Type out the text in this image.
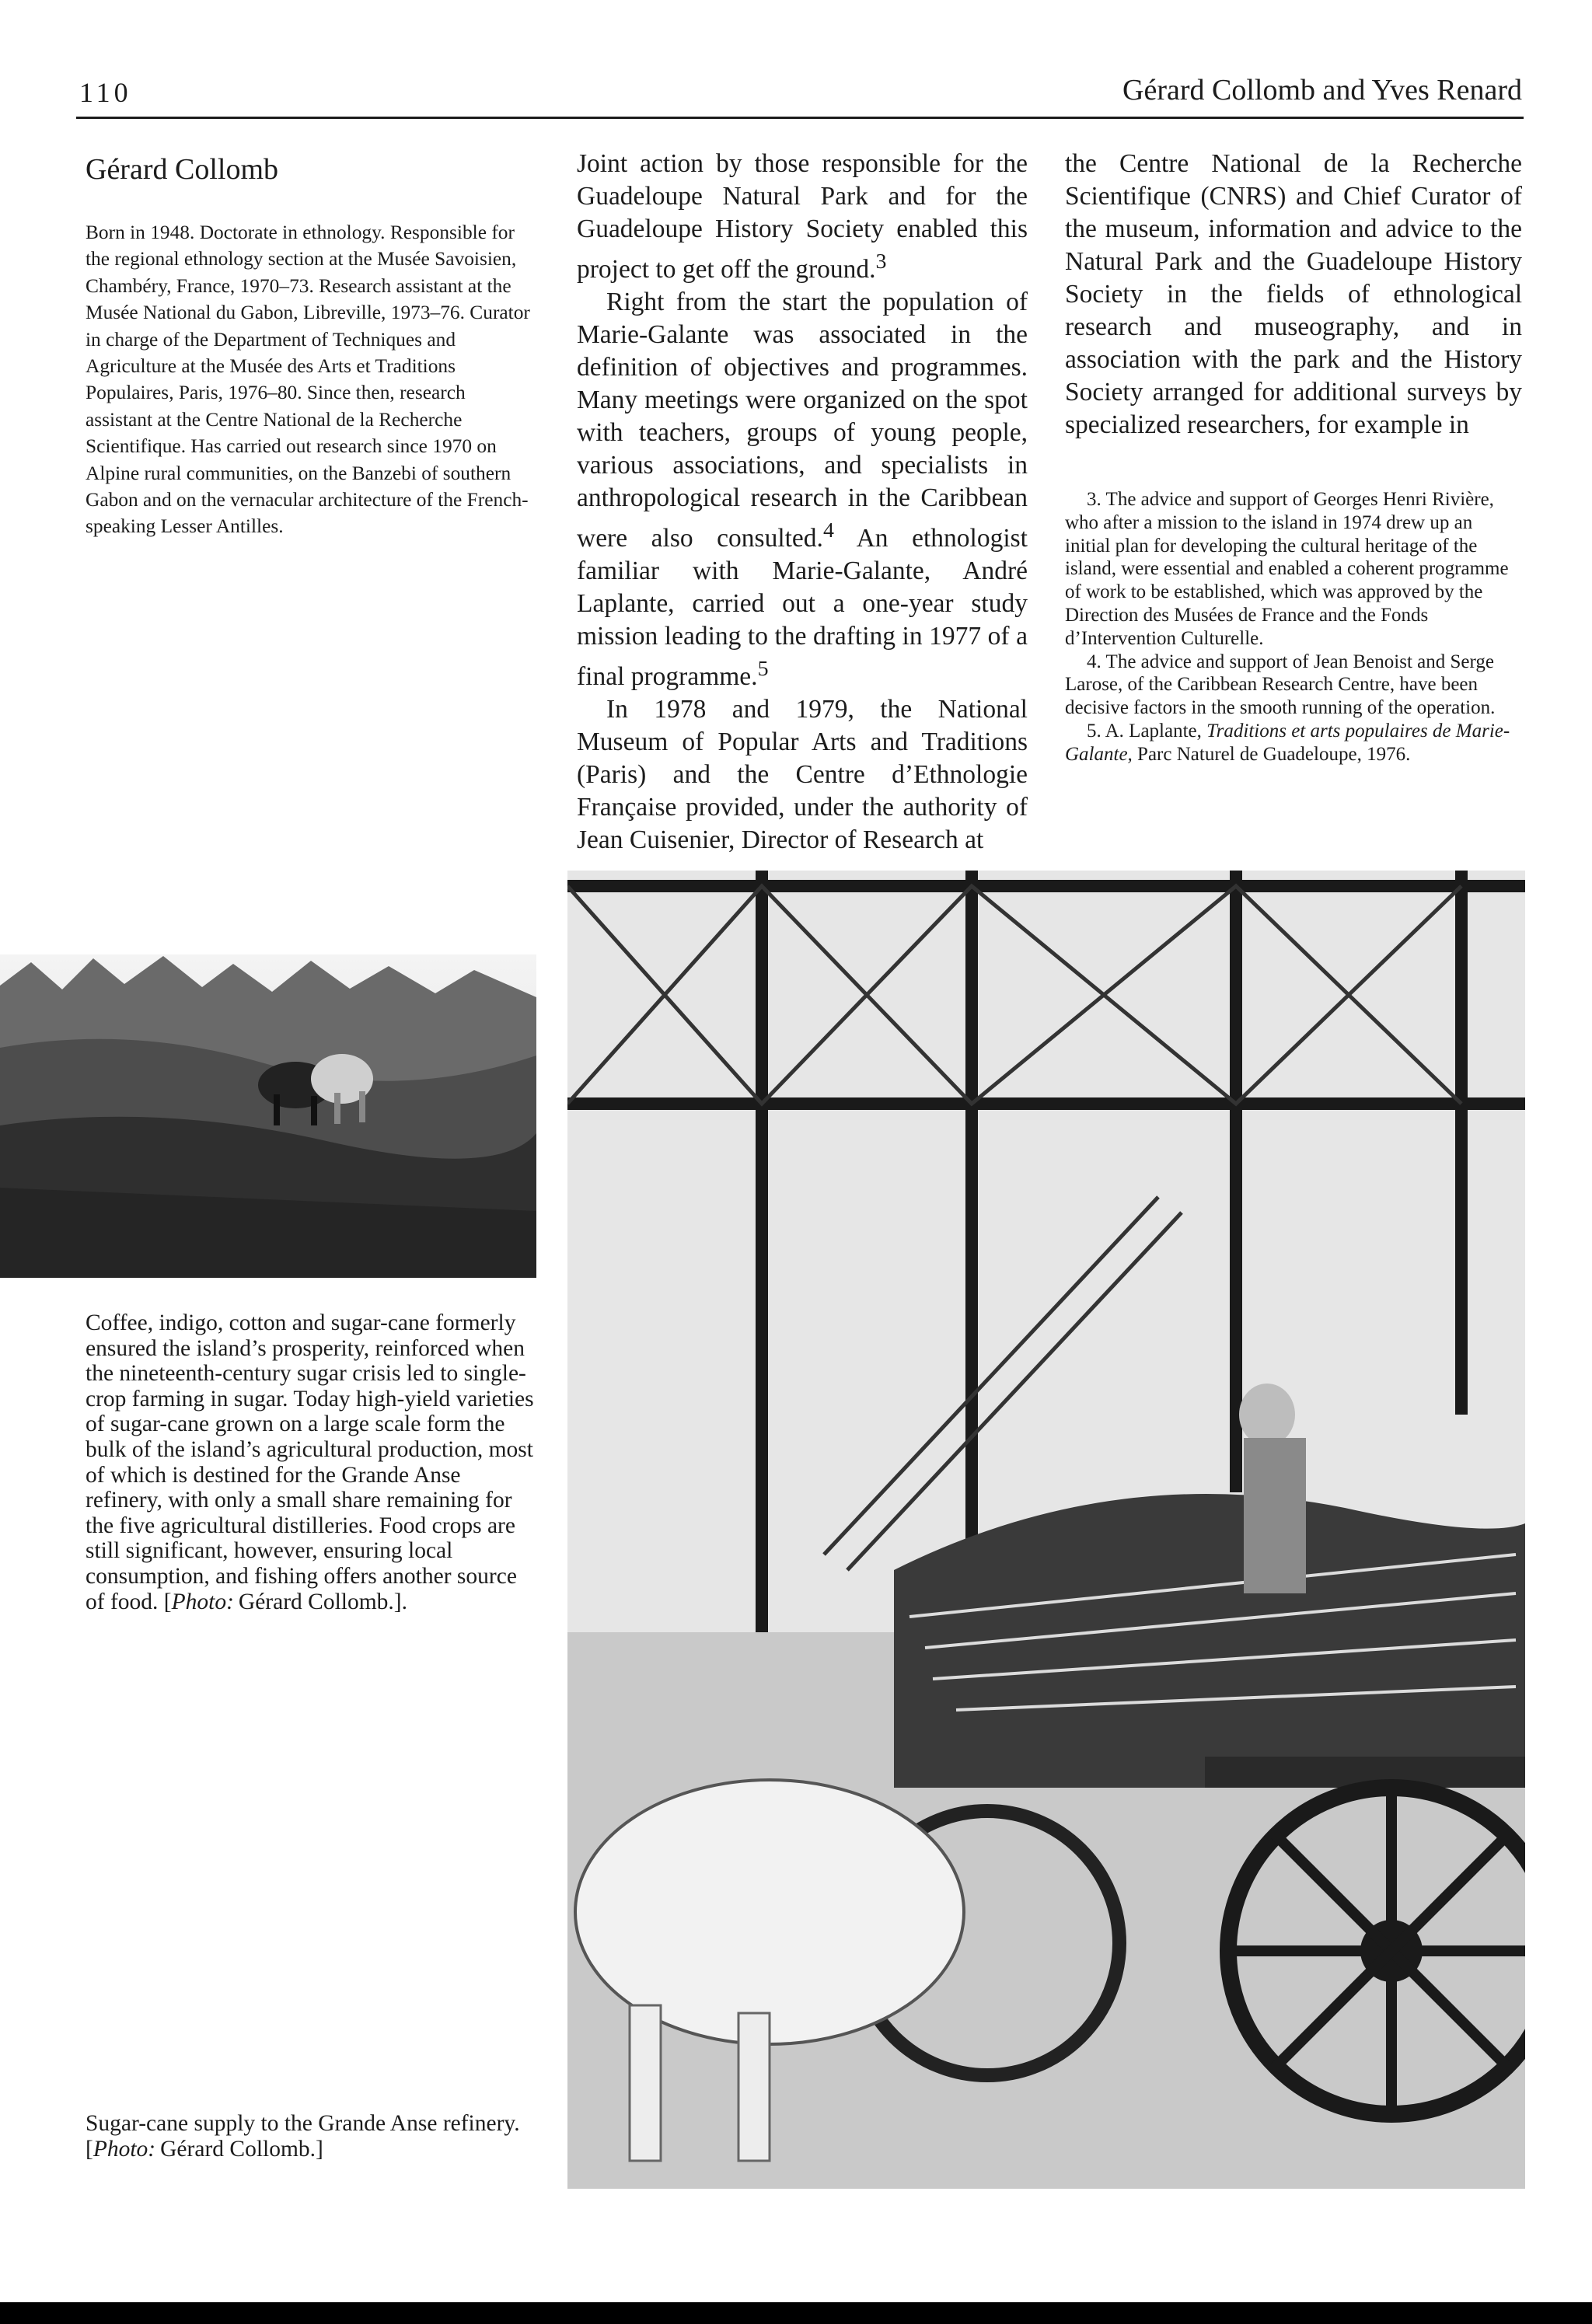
110	Gérard Collomb and Yves Renard
Gérard Collomb
Born in 1948. Doctorate in ethnology. Responsible for the regional ethnology section at the Musée Savoisien, Chambéry, France, 1970–73. Research assistant at the Musée National du Gabon, Libreville, 1973–76. Curator in charge of the Department of Techniques and Agriculture at the Musée des Arts et Traditions Populaires, Paris, 1976–80. Since then, research assistant at the Centre National de la Recherche Scientifique. Has carried out research since 1970 on Alpine rural communities, on the Banzebi of southern Gabon and on the vernacular architecture of the French-speaking Lesser Antilles.

Joint action by those responsible for the Guadeloupe Natural Park and for the Guadeloupe History Society enabled this project to get off the ground.$^3$

Right from the start the population of Marie-Galante was associated in the definition of objectives and programmes. Many meetings were organized on the spot with teachers, groups of young people, various associations, and specialists in anthropological research in the Caribbean were also consulted.$^4$ An ethnologist familiar with Marie-Galante, André Laplante, carried out a one-year study mission leading to the drafting in 1977 of a final programme.$^5$

In 1978 and 1979, the National Museum of Popular Arts and Traditions (Paris) and the Centre d’Ethnologie Française provided, under the authority of Jean Cuisenier, Director of Research at

the Centre National de la Recherche Scientifique (CNRS) and Chief Curator of the museum, information and advice to the Natural Park and the Guadeloupe History Society in the fields of ethnological research and museography, and in association with the park and the History Society arranged for additional surveys by specialized researchers, for example in

3. The advice and support of Georges Henri Rivière, who after a mission to the island in 1974 drew up an initial plan for developing the cultural heritage of the island, were essential and enabled a coherent programme of work to be established, which was approved by the Direction des Musées de France and the Fonds d’Intervention Culturelle.

4. The advice and support of Jean Benoist and Serge Larose, of the Caribbean Research Centre, have been decisive factors in the smooth running of the operation.

5. A. Laplante, Traditions et arts populaires de Marie-Galante, Parc Naturel de Guadeloupe, 1976.

Coffee, indigo, cotton and sugar-cane formerly ensured the island’s prosperity, reinforced when the nineteenth-century sugar crisis led to single-crop farming in sugar. Today high-yield varieties of sugar-cane grown on a large scale form the bulk of the island’s agricultural production, most of which is destined for the Grande Anse refinery, with only a small share remaining for the five agricultural distilleries. Food crops are still significant, however, ensuring local consumption, and fishing offers another source of food. [Photo: Gérard Collomb.].
Sugar-cane supply to the Grande Anse refinery.
[Photo: Gérard Collomb.]
